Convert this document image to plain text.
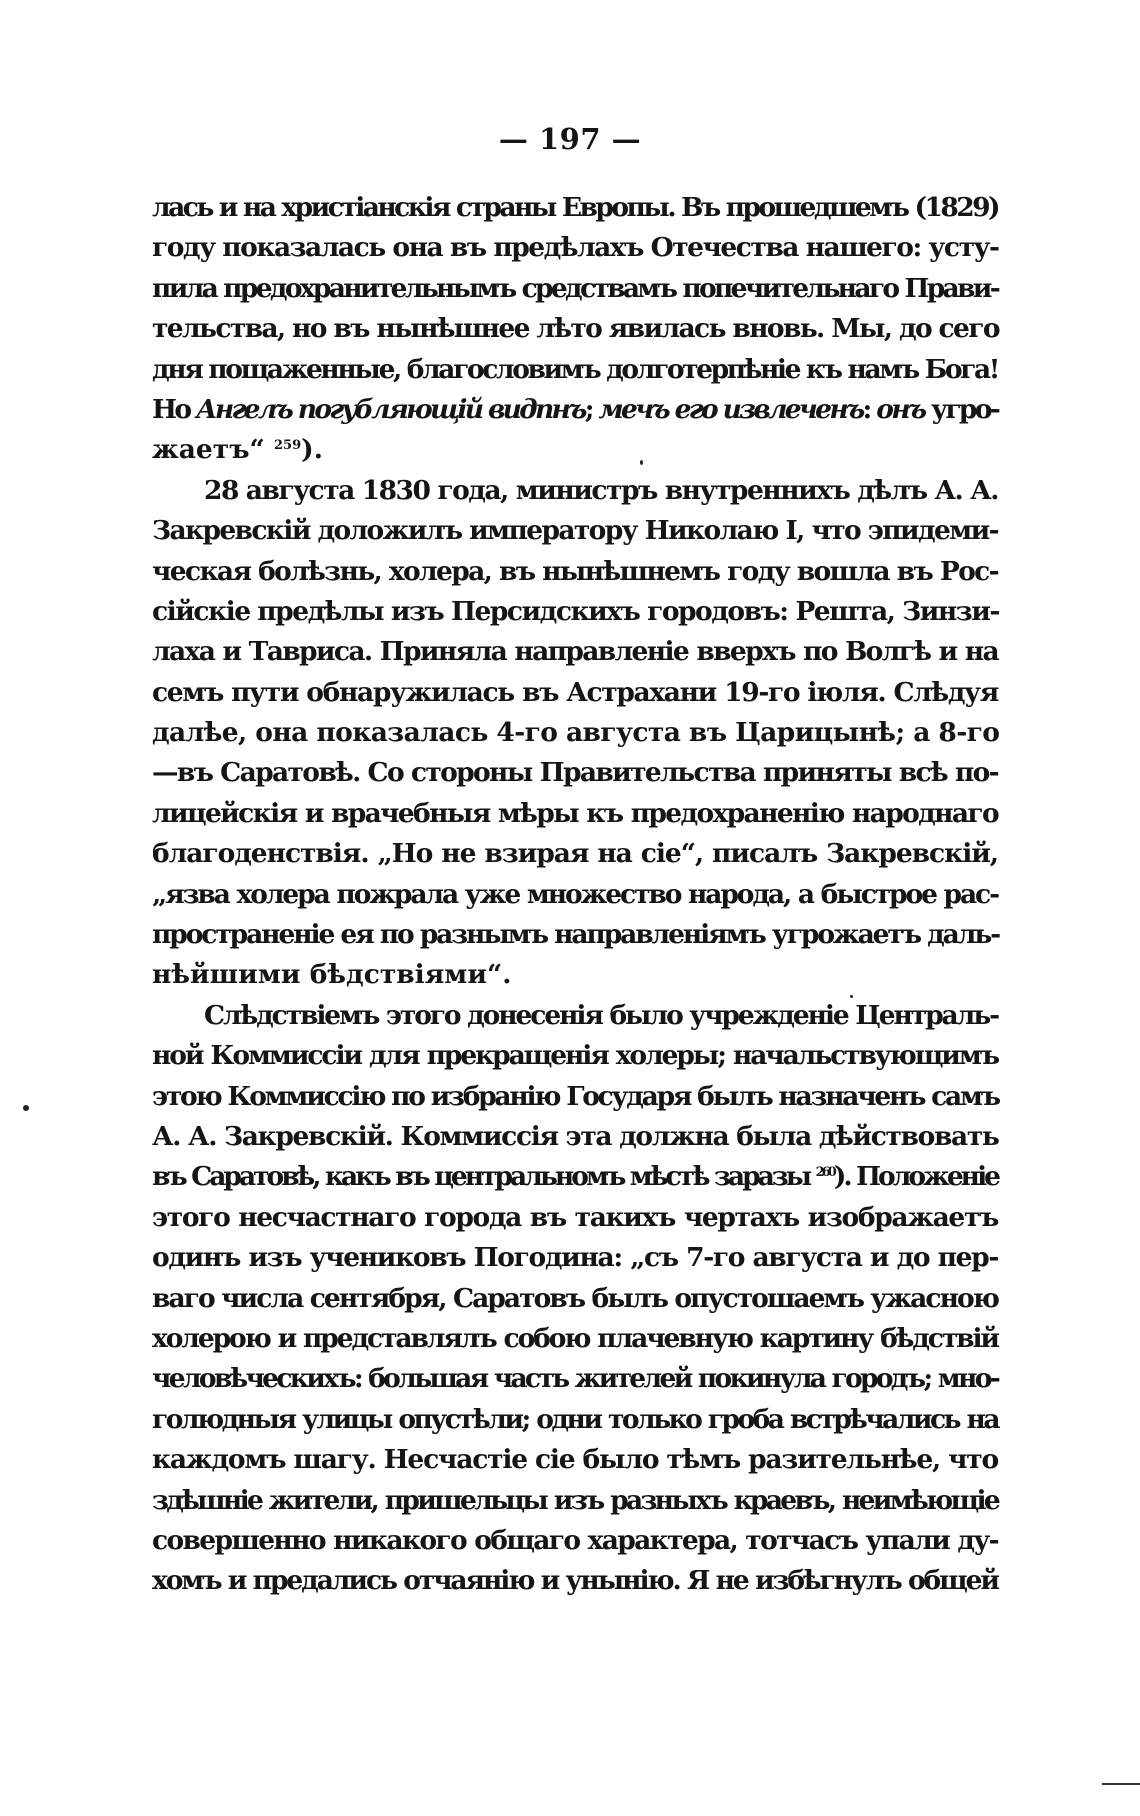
— 197 —
лась и на христіанскія страны Европы. Въ прошедшемъ (1829)
году показалась она въ предѣлахъ Отечества нашего: усту-
пила предохранительнымъ средствамъ попечительнаго Прави-
тельства, но въ нынѣшнее лѣто явилась вновь. Мы, до сего
дня пощаженные, благословимъ долготерпѣніе къ намъ Бога!
Но Ангелъ погубляющій видпнъ; мечъ его извлеченъ: онъ угро-
жаетъ“ $^{259}$).
28 августа 1830 года, министръ внутреннихъ дѣлъ А. А.
Закревскій доложилъ императору Николаю I, что эпидеми-
ческая болѣзнь, холера, въ нынѣшнемъ году вошла въ Рос-
сійскіе предѣлы изъ Персидскихъ городовъ: Решта, Зинзи-
лаха и Тавриса. Приняла направленіе вверхъ по Волгѣ и на
семъ пути обнаружилась въ Астрахани 19-го іюля. Слѣдуя
далѣе, она показалась 4-го августа въ Царицынѣ; а 8-го
—въ Саратовѣ. Со стороны Правительства приняты всѣ по-
лицейскія и врачебныя мѣры къ предохраненію народнаго
благоденствія. „Но не взирая на сіе“, писалъ Закревскій,
„язва холера пожрала уже множество народа, а быстрое рас-
пространеніе ея по разнымъ направленіямъ угрожаетъ даль-
нѣйшими бѣдствіями“.
Слѣдствіемъ этого донесенія было учрежденіе Централь-
ной Коммиссіи для прекращенія холеры; начальствующимъ
этою Коммиссію по избранію Государя былъ назначенъ самъ
А. А. Закревскій. Коммиссія эта должна была дѣйствовать
въ Саратовѣ, какъ въ центральномъ мѣстѣ заразы $^{260}$). Положеніе
этого несчастнаго города въ такихъ чертахъ изображаетъ
одинъ изъ учениковъ Погодина: „съ 7-го августа и до пер-
ваго числа сентября, Саратовъ былъ опустошаемъ ужасною
холерою и представлялъ собою плачевную картину бѣдствій
человѣческихъ: большая часть жителей покинула городъ; мно-
голюдныя улицы опустѣли; одни только гроба встрѣчались на
каждомъ шагу. Несчастіе сіе было тѣмъ разительнѣе, что
здѣшніе жители, пришельцы изъ разныхъ краевъ, неимѣющіе
совершенно никакого общаго характера, тотчасъ упали ду-
хомъ и предались отчаянію и унынію. Я не избѣгнулъ общей
